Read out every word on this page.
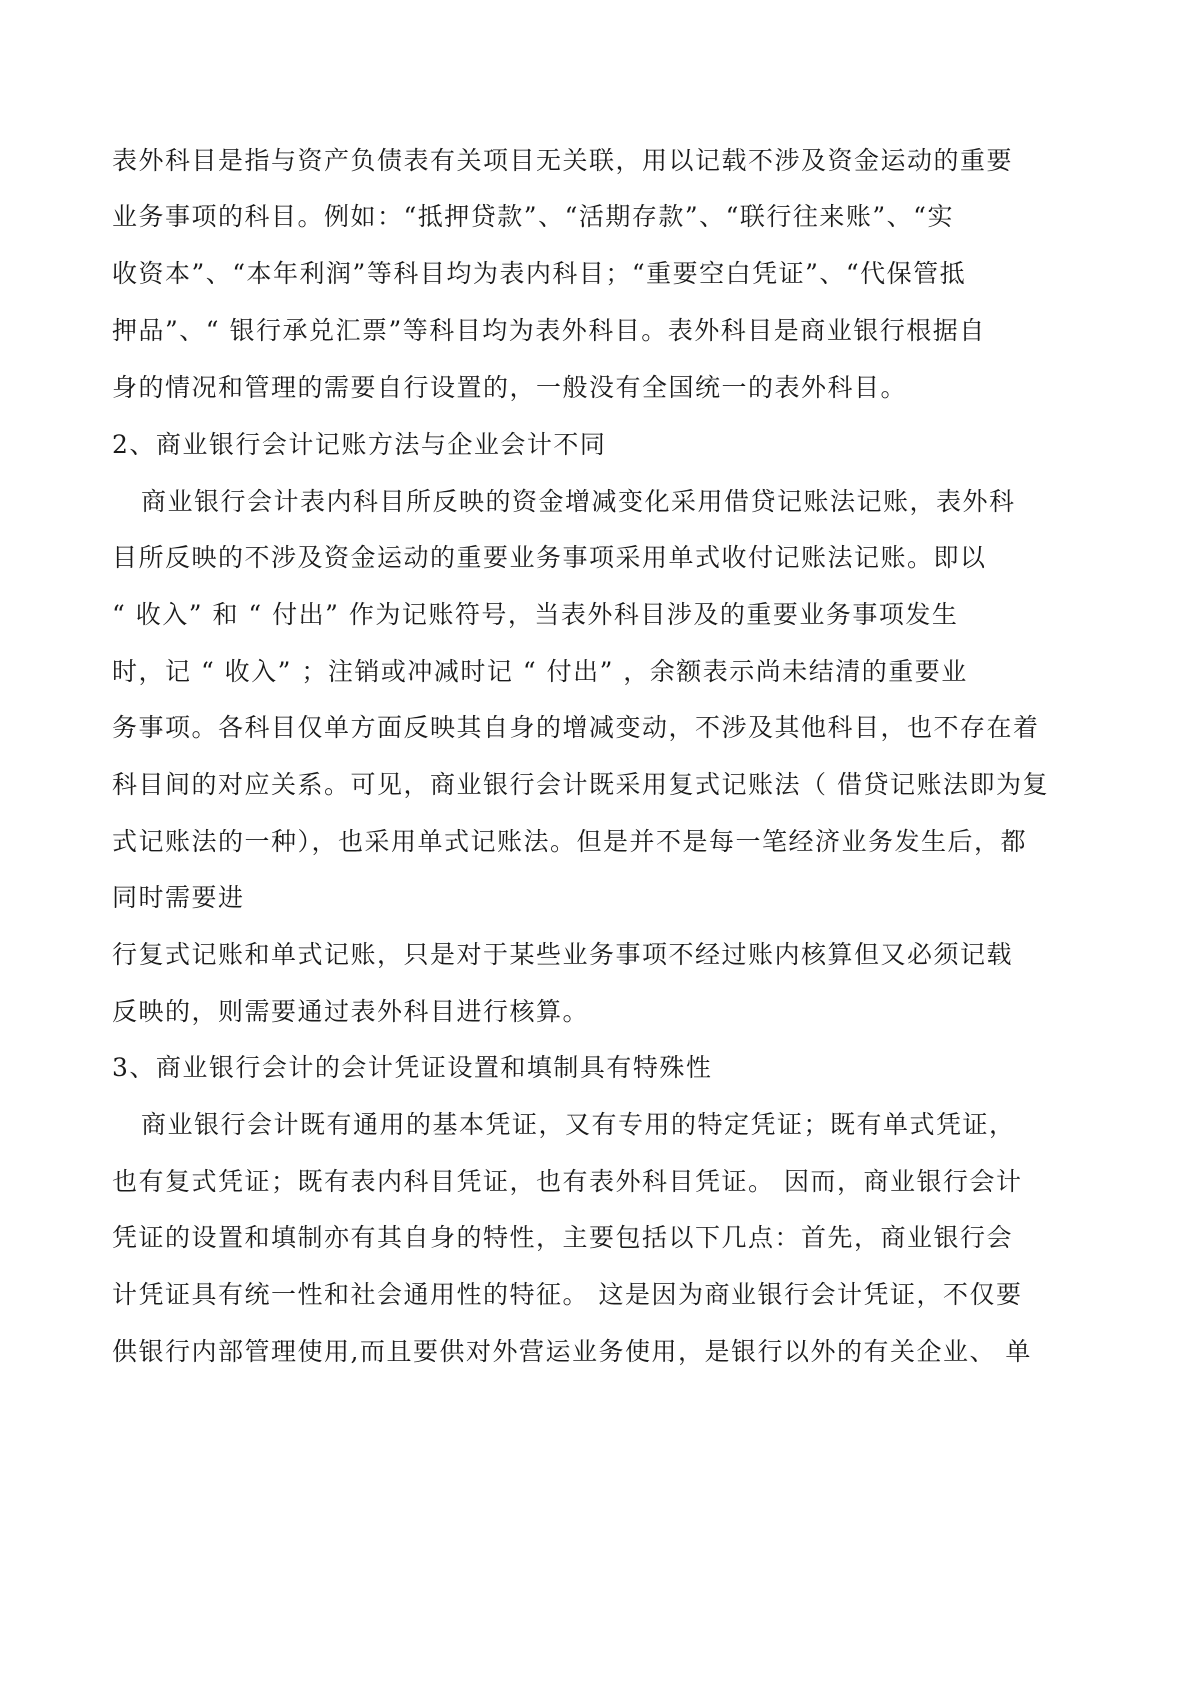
表外科目是指与资产负债表有关项目无关联，用以记载不涉及资金运动的重要
业务事项的科目。例如：“抵押贷款”、“活期存款”、“联行往来账”、“实
收资本”、“本年利润”等科目均为表内科目；“重要空白凭证”、“代保管抵
押品”、“ 银行承兑汇票”等科目均为表外科目。表外科目是商业银行根据自
身的情况和管理的需要自行设置的，一般没有全国统一的表外科目。
2、商业银行会计记账方法与企业会计不同
商业银行会计表内科目所反映的资金增减变化采用借贷记账法记账，表外科
目所反映的不涉及资金运动的重要业务事项采用单式收付记账法记账。即以
“ 收入” 和 “ 付出” 作为记账符号，当表外科目涉及的重要业务事项发生
时，记 “ 收入” ；注销或冲减时记 “ 付出” ，余额表示尚未结清的重要业
务事项。各科目仅单方面反映其自身的增减变动，不涉及其他科目，也不存在着
科目间的对应关系。可见，商业银行会计既采用复式记账法（ 借贷记账法即为复
式记账法的一种），也采用单式记账法。但是并不是每一笔经济业务发生后，都
同时需要进
行复式记账和单式记账，只是对于某些业务事项不经过账内核算但又必须记载
反映的，则需要通过表外科目进行核算。
3、商业银行会计的会计凭证设置和填制具有特殊性
商业银行会计既有通用的基本凭证，又有专用的特定凭证；既有单式凭证，
也有复式凭证；既有表内科目凭证，也有表外科目凭证。 因而，商业银行会计
凭证的设置和填制亦有其自身的特性，主要包括以下几点：首先，商业银行会
计凭证具有统一性和社会通用性的特征。 这是因为商业银行会计凭证，不仅要
供银行内部管理使用,而且要供对外营运业务使用，是银行以外的有关企业、 单
